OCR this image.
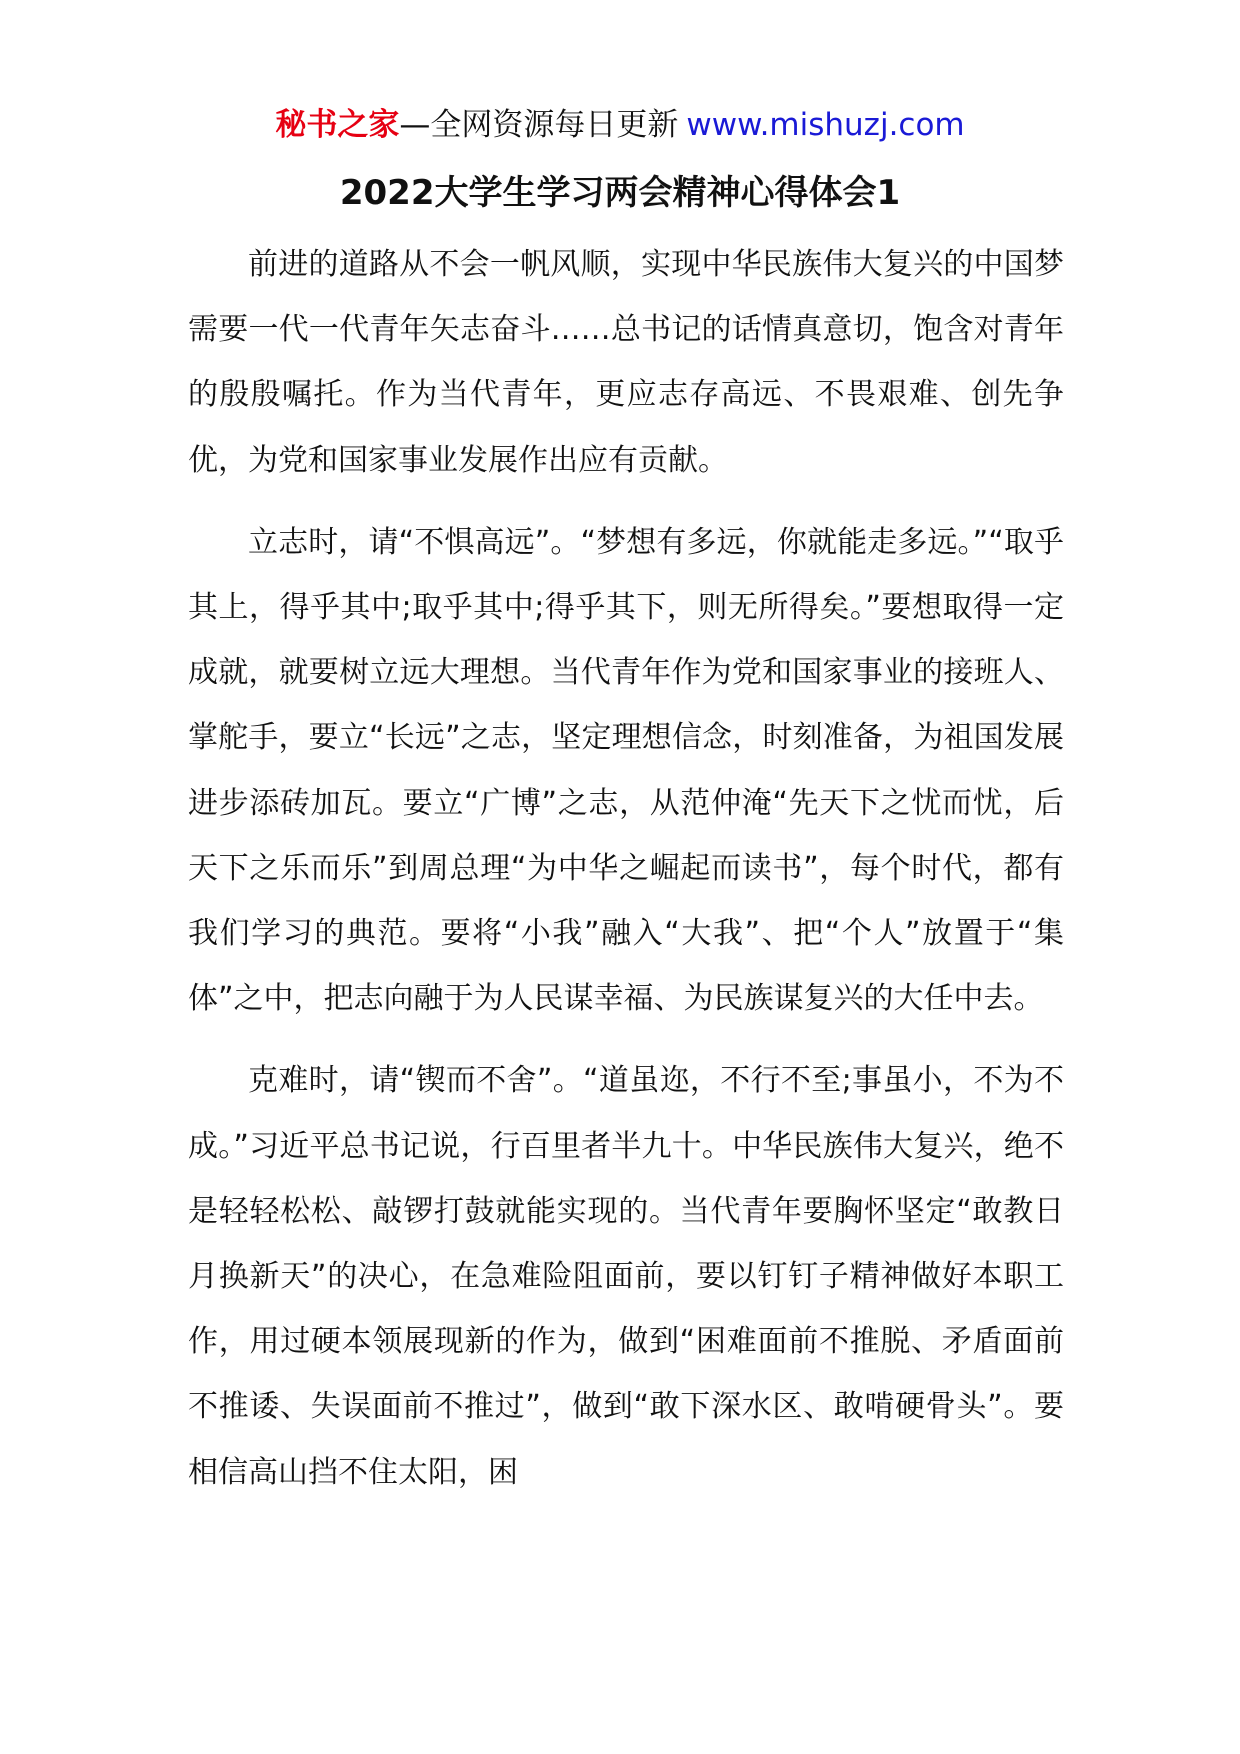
秘书之家—全网资源每日更新 www.mishuzj.com
2022大学生学习两会精神心得体会1

前进的道路从不会一帆风顺，实现中华民族伟大复兴的中国梦需要一代一代青年矢志奋斗……总书记的话情真意切，饱含对青年的殷殷嘱托。作为当代青年，更应志存高远、不畏艰难、创先争优，为党和国家事业发展作出应有贡献。

立志时，请“不惧高远”。“梦想有多远，你就能走多远。”“取乎其上，得乎其中;取乎其中;得乎其下，则无所得矣。”要想取得一定成就，就要树立远大理想。当代青年作为党和国家事业的接班人、掌舵手，要立“长远”之志，坚定理想信念，时刻准备，为祖国发展进步添砖加瓦。要立“广博”之志，从范仲淹“先天下之忧而忧，后天下之乐而乐”到周总理“为中华之崛起而读书”，每个时代，都有我们学习的典范。要将“小我”融入“大我”、把“个人”放置于“集体”之中，把志向融于为人民谋幸福、为民族谋复兴的大任中去。

克难时，请“锲而不舍”。“道虽迩，不行不至;事虽小，不为不成。”习近平总书记说，行百里者半九十。中华民族伟大复兴，绝不是轻轻松松、敲锣打鼓就能实现的。当代青年要胸怀坚定“敢教日月换新天”的决心，在急难险阻面前，要以钉钉子精神做好本职工作，用过硬本领展现新的作为，做到“困难面前不推脱、矛盾面前不推诿、失误面前不推过”，做到“敢下深水区、敢啃硬骨头”。要相信高山挡不住太阳，困
